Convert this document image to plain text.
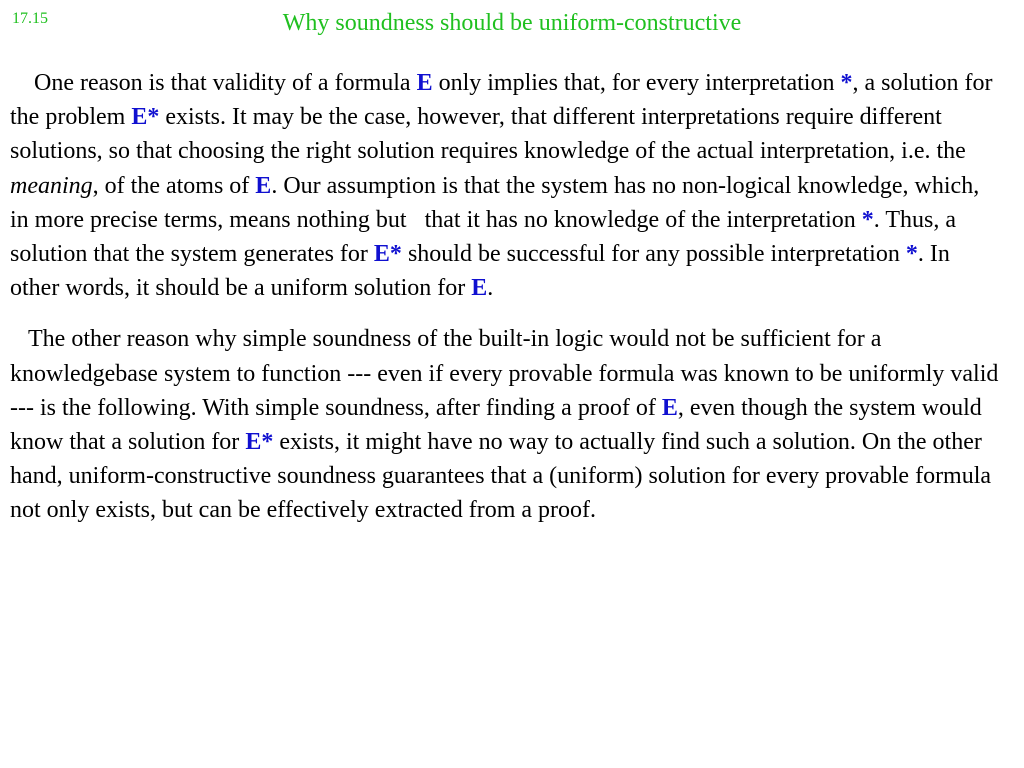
17.15	Why soundness should be uniform-constructive

One reason is that validity of a formula E only implies that, for every interpretation *, a solution for the problem E* exists. It may be the case, however, that different interpretations require different solutions, so that choosing the right solution requires knowledge of the actual interpretation, i.e. the meaning, of the atoms of E. Our assumption is that the system has no non-logical knowledge, which, in more precise terms, means nothing but   that it has no knowledge of the interpretation *. Thus, a solution that the system generates for E* should be successful for any possible interpretation *. In other words, it should be a uniform solution for E.

The other reason why simple soundness of the built-in logic would not be sufficient for a knowledgebase system to function --- even if every provable formula was known to be uniformly valid --- is the following. With simple soundness, after finding a proof of E, even though the system would know that a solution for E* exists, it might have no way to actually find such a solution. On the other hand, uniform-constructive soundness guarantees that a (uniform) solution for every provable formula not only exists, but can be effectively extracted from a proof.
